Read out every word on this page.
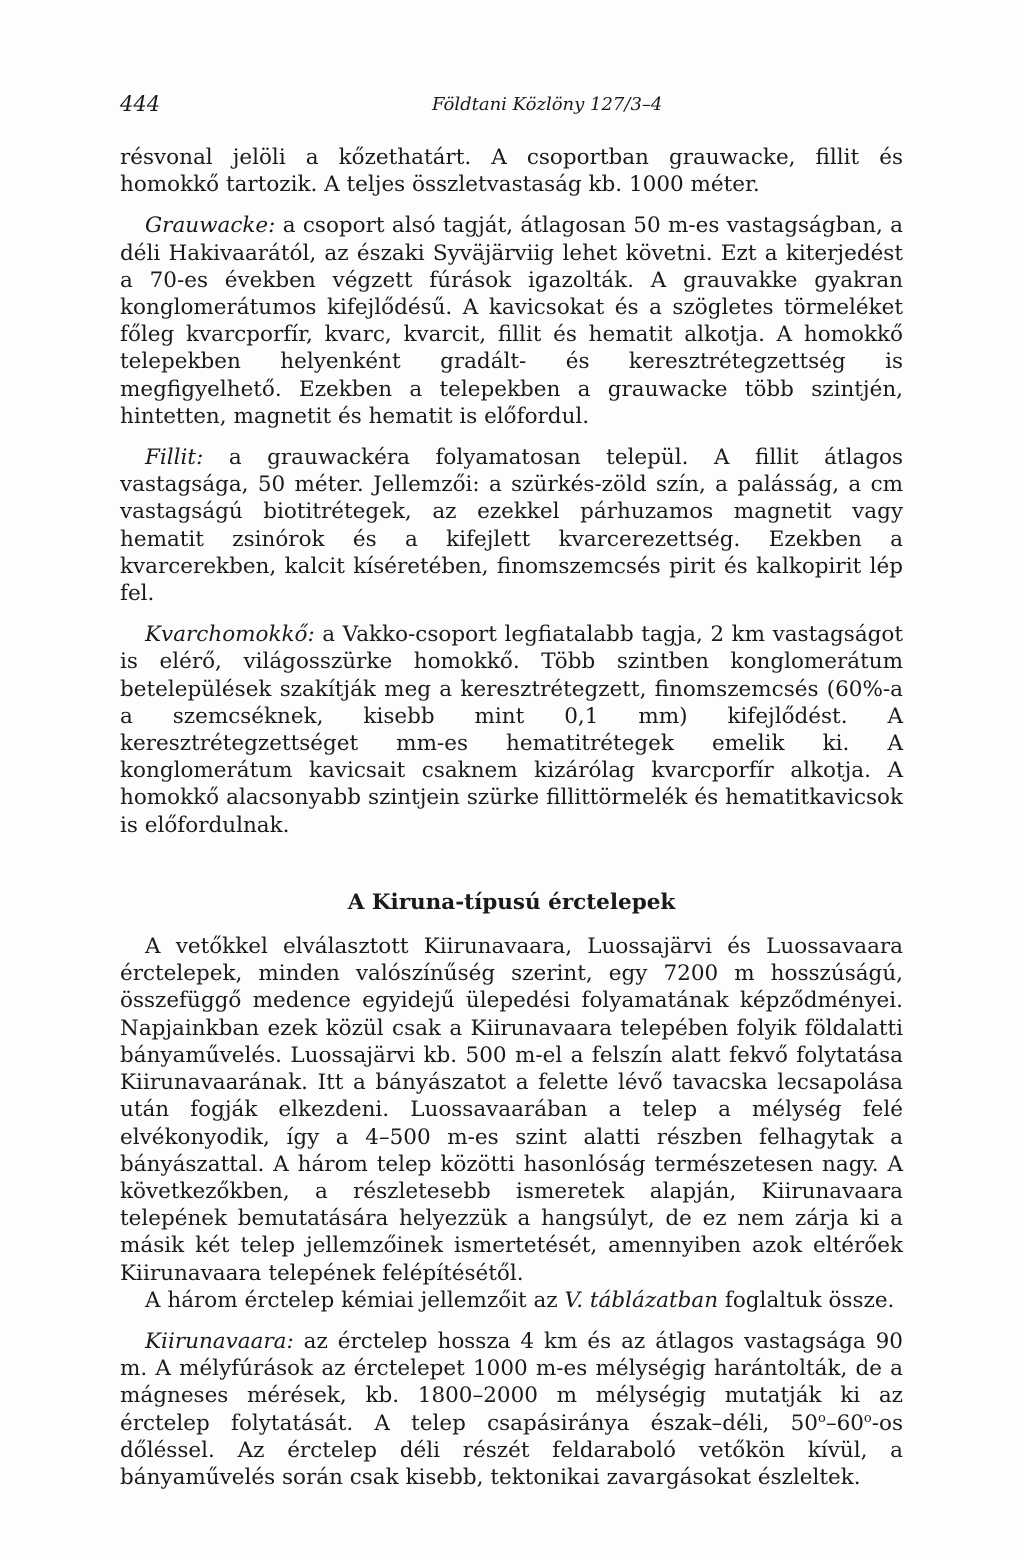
444	Földtani Közlöny 127/3–4

résvonal jelöli a kőzethatárt. A csoportban grauwacke, fillit és homokkő tartozik. A teljes összletvastaság kb. 1000 méter.

Grauwacke: a csoport alsó tagját, átlagosan 50 m-es vastagságban, a déli Hakivaarától, az északi Syväjärviig lehet követni. Ezt a kiterjedést a 70-es években végzett fúrások igazolták. A grauvakke gyakran konglomerátumos kifejlődésű. A kavicsokat és a szögletes törmeléket főleg kvarcporfír, kvarc, kvarcit, fillit és hematit alkotja. A homokkő telepekben helyenként gradált- és keresztrétegzettség is megfigyelhető. Ezekben a telepekben a grauwacke több szintjén, hintetten, magnetit és hematit is előfordul.

Fillit: a grauwackéra folyamatosan települ. A fillit átlagos vastagsága, 50 méter. Jellemzői: a szürkés-zöld szín, a palásság, a cm vastagságú biotitrétegek, az ezekkel párhuzamos magnetit vagy hematit zsinórok és a kifejlett kvarcerezettség. Ezekben a kvarcerekben, kalcit kíséretében, finomszemcsés pirit és kalkopirit lép fel.

Kvarchomokkő: a Vakko-csoport legfiatalabb tagja, 2 km vastagságot is elérő, világosszürke homokkő. Több szintben konglomerátum betelepülések szakítják meg a keresztrétegzett, finomszemcsés (60%-a a szemcséknek, kisebb mint 0,1 mm) kifejlődést. A keresztrétegzettséget mm-es hematitrétegek emelik ki. A konglomerátum kavicsait csaknem kizárólag kvarcporfír alkotja. A homokkő alacsonyabb szintjein szürke fillittörmelék és hematitkavicsok is előfordulnak.

A Kiruna-típusú érctelepek

A vetőkkel elválasztott Kiirunavaara, Luossajärvi és Luossavaara érctelepek, minden valószínűség szerint, egy 7200 m hosszúságú, összefüggő medence egyidejű ülepedési folyamatának képződményei. Napjainkban ezek közül csak a Kiirunavaara telepében folyik földalatti bányaművelés. Luossajärvi kb. 500 m-el a felszín alatt fekvő folytatása Kiirunavaarának. Itt a bányászatot a felette lévő tavacska lecsapolása után fogják elkezdeni. Luossavaarában a telep a mélység felé elvékonyodik, így a 4–500 m-es szint alatti részben felhagytak a bányászattal. A három telep közötti hasonlóság természetesen nagy. A következőkben, a részletesebb ismeretek alapján, Kiirunavaara telepének bemutatására helyezzük a hangsúlyt, de ez nem zárja ki a másik két telep jellemzőinek ismertetését, amennyiben azok eltérőek Kiirunavaara telepének felépítésétől.

A három érctelep kémiai jellemzőit az V. táblázatban foglaltuk össze.

Kiirunavaara: az érctelep hossza 4 km és az átlagos vastagsága 90 m. A mélyfúrások az érctelepet 1000 m-es mélységig harántolták, de a mágneses mérések, kb. 1800–2000 m mélységig mutatják ki az érctelep folytatását. A telep csapásiránya észak–déli, 50$^o$–60$^o$-os dőléssel. Az érctelep déli részét feldaraboló vetőkön kívül, a bányaművelés során csak kisebb, tektonikai zavargásokat észleltek.
